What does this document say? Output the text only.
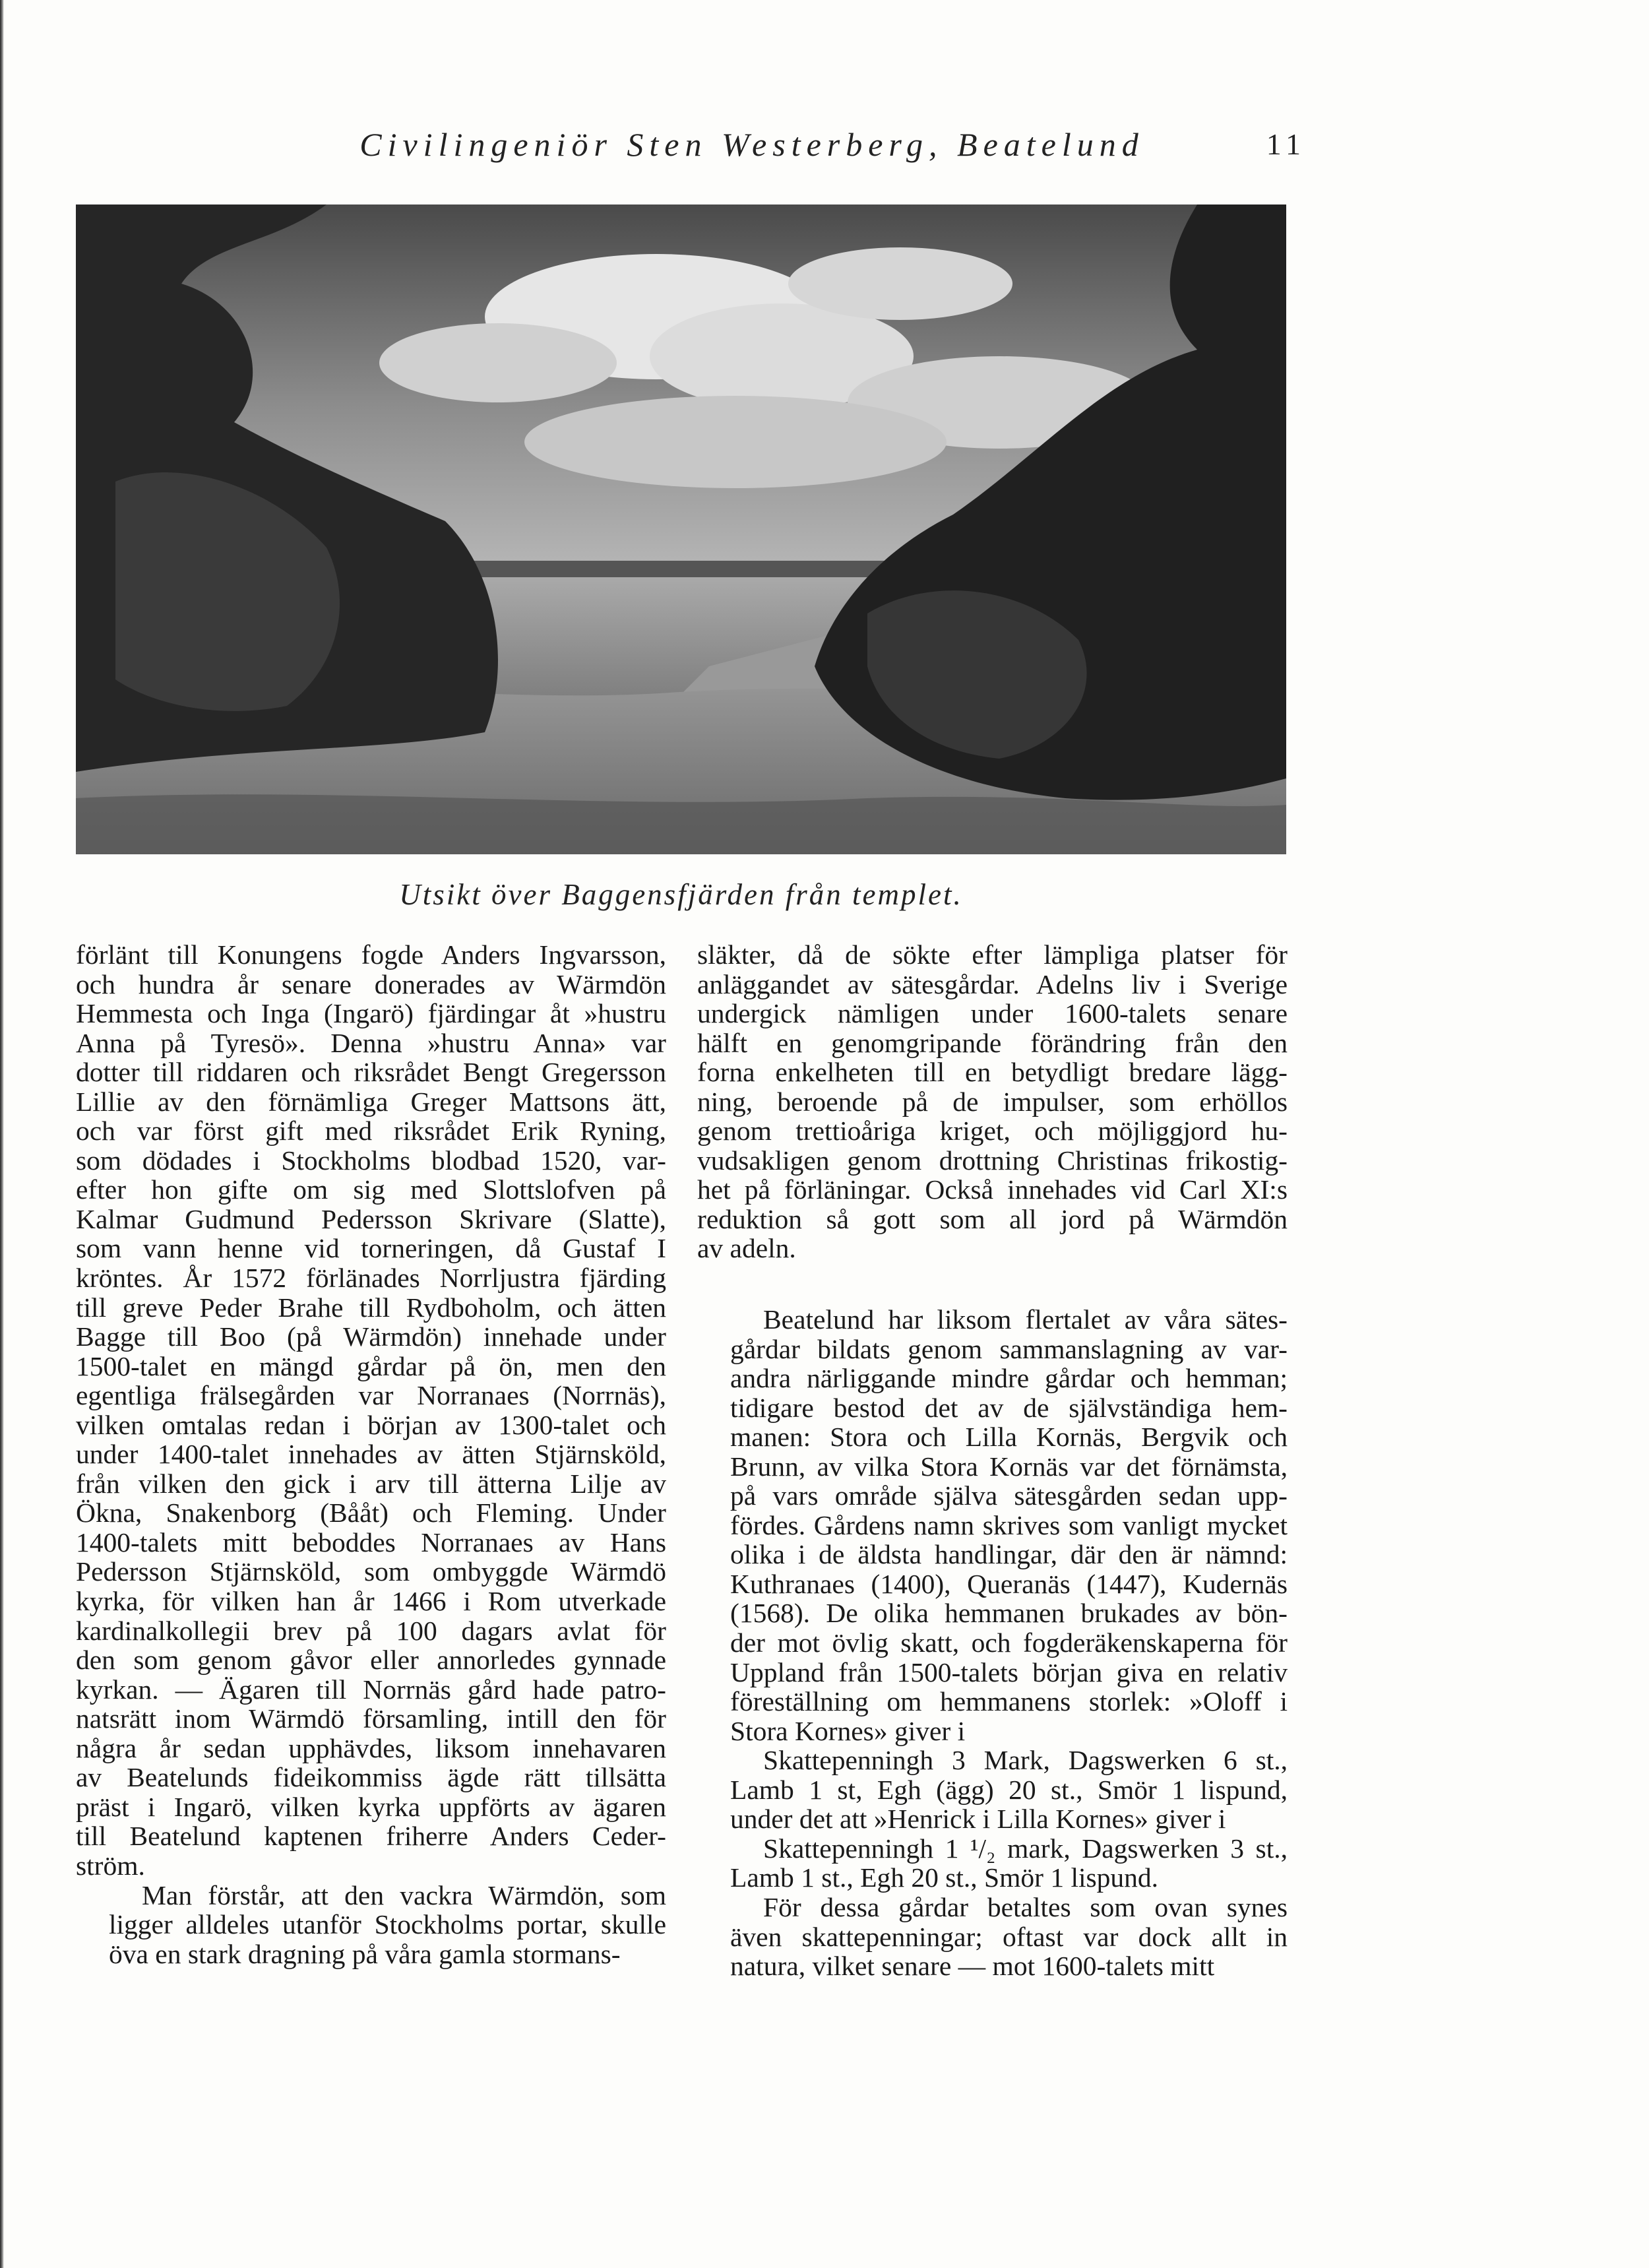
Civilingeniör Sten Westerberg, Beatelund	11
Utsikt över Baggensfjärden från templet.
förlänt till Konungens fogde Anders Ingvarsson,
och hundra år senare donerades av Wärmdön
Hemmesta och Inga (Ingarö) fjärdingar åt »hustru
Anna på Tyresö». Denna »hustru Anna» var
dotter till riddaren och riksrådet Bengt Gregersson
Lillie av den förnämliga Greger Mattsons ätt,
och var först gift med riksrådet Erik Ryning,
som dödades i Stockholms blodbad 1520, var-
efter hon gifte om sig med Slottslofven på
Kalmar Gudmund Pedersson Skrivare (Slatte),
som vann henne vid torneringen, då Gustaf I
kröntes. År 1572 förlänades Norrljustra fjärding
till greve Peder Brahe till Rydboholm, och ätten
Bagge till Boo (på Wärmdön) innehade under
1500-talet en mängd gårdar på ön, men den
egentliga frälsegården var Norranaes (Norrnäs),
vilken omtalas redan i början av 1300-talet och
under 1400-talet innehades av ätten Stjärnsköld,
från vilken den gick i arv till ätterna Lilje av
Ökna, Snakenborg (Bååt) och Fleming. Under
1400-talets mitt beboddes Norranaes av Hans
Pedersson Stjärnsköld, som ombyggde Wärmdö
kyrka, för vilken han år 1466 i Rom utverkade
kardinalkollegii brev på 100 dagars avlat för
den som genom gåvor eller annorledes gynnade
kyrkan. — Ägaren till Norrnäs gård hade patro-
natsrätt inom Wärmdö församling, intill den för
några år sedan upphävdes, liksom innehavaren
av Beatelunds fideikommiss ägde rätt tillsätta
präst i Ingarö, vilken kyrka uppförts av ägaren
till Beatelund kaptenen friherre Anders Ceder-
ström.
Man förstår, att den vackra Wärmdön, som
ligger alldeles utanför Stockholms portar, skulle
öva en stark dragning på våra gamla stormans-
släkter, då de sökte efter lämpliga platser för
anläggandet av sätesgårdar. Adelns liv i Sverige
undergick nämligen under 1600-talets senare
hälft en genomgripande förändring från den
forna enkelheten till en betydligt bredare lägg-
ning, beroende på de impulser, som erhöllos
genom trettioåriga kriget, och möjliggjord hu-
vudsakligen genom drottning Christinas frikostig-
het på förläningar. Också innehades vid Carl XI:s
reduktion så gott som all jord på Wärmdön
av adeln.
Beatelund har liksom flertalet av våra sätes-
gårdar bildats genom sammanslagning av var-
andra närliggande mindre gårdar och hemman;
tidigare bestod det av de självständiga hem-
manen: Stora och Lilla Kornäs, Bergvik och
Brunn, av vilka Stora Kornäs var det förnämsta,
på vars område själva sätesgården sedan upp-
fördes. Gårdens namn skrives som vanligt mycket
olika i de äldsta handlingar, där den är nämnd:
Kuthranaes (1400), Queranäs (1447), Kudernäs
(1568). De olika hemmanen brukades av bön-
der mot övlig skatt, och fogderäkenskaperna för
Uppland från 1500-talets början giva en relativ
föreställning om hemmanens storlek: »Oloff i
Stora Kornes» giver i
Skattepenningh 3 Mark, Dagswerken 6 st.,
Lamb 1 st, Egh (ägg) 20 st., Smör 1 lispund,
under det att »Henrick i Lilla Kornes» giver i
Skattepenningh 1 ¹/₂ mark, Dagswerken 3 st.,
Lamb 1 st., Egh 20 st., Smör 1 lispund.
För dessa gårdar betaltes som ovan synes
även skattepenningar; oftast var dock allt in
natura, vilket senare — mot 1600-talets mitt
